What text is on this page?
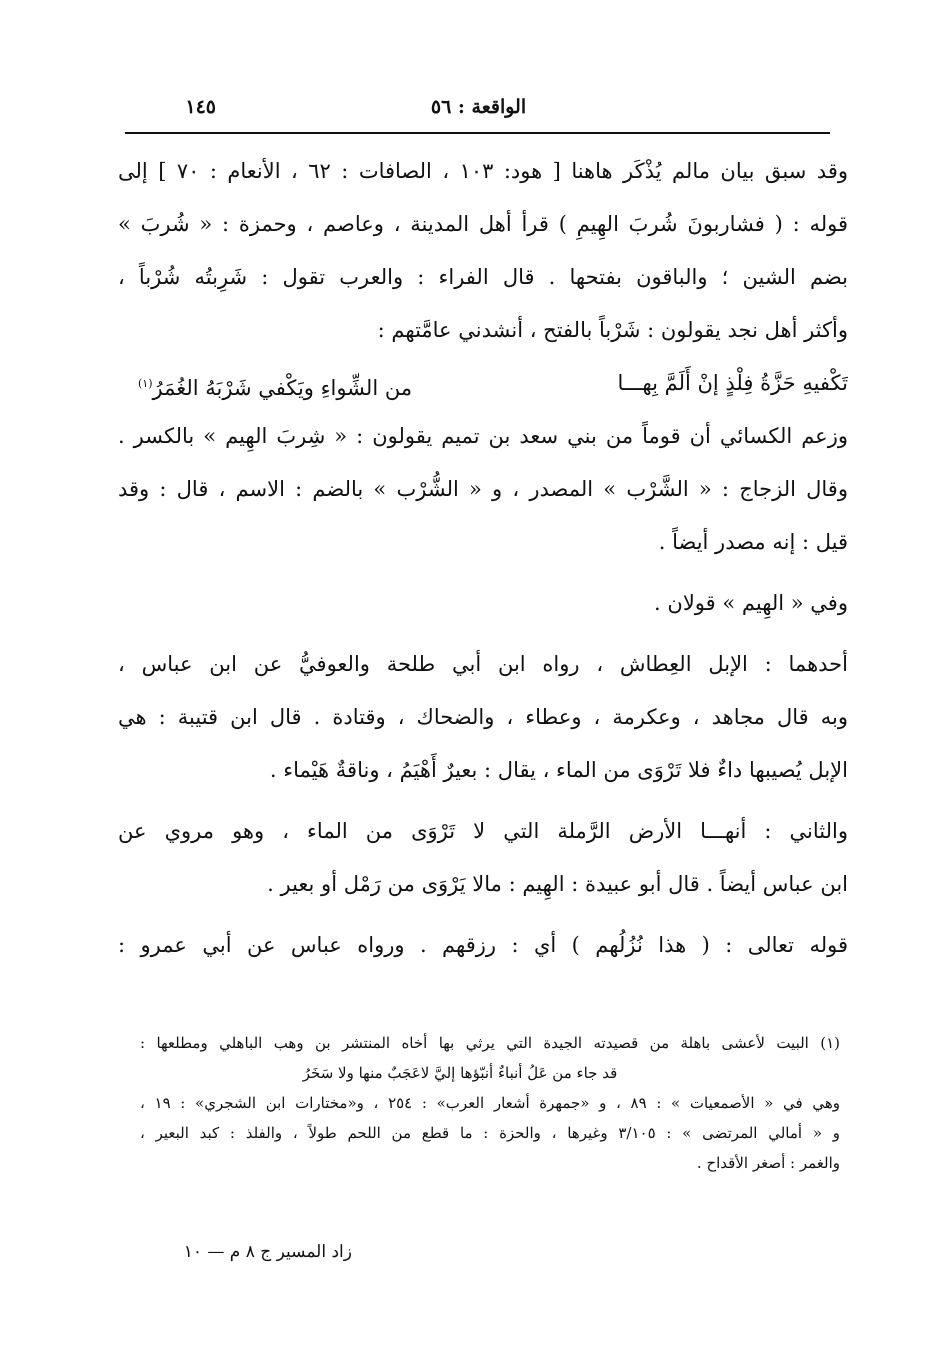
الواقعة : ٥٦
١٤٥
وقد سبق بيان مالم يُذْكَر هاهنا [ هود: ١٠٣ ، الصافات : ٦٢ ، الأنعام : ٧٠ ] إلى
قوله : ( فشاربونَ شُربَ الهِيمِ ) قرأ أهل المدينة ، وعاصم ، وحمزة : « شُربَ »
بضم الشين ؛ والباقون بفتحها . قال الفراء : والعرب تقول : شَرِبتُه شُرْباً ،
وأكثر أهل نجد يقولون : شَرْباً بالفتح ، أنشدني عامَّتهم :
تَكْفيهِ حَزَّةُ فِلْذٍ إنْ أَلَمَّ بِهـــا
من الشِّواءِ ويَكْفي شَرْبَهُ الغُمَرُ$^{(١)}$
وزعم الكسائي أن قوماً من بني سعد بن تميم يقولون : « شِربَ الهِيم » بالكسر .
وقال الزجاج : « الشَّرْب » المصدر ، و « الشُّرْب » بالضم : الاسم ، قال : وقد
قيل : إنه مصدر أيضاً .
وفي « الهِيم » قولان .
أحدهما : الإبل العِطاش ، رواه ابن أبي طلحة والعوفيُّ عن ابن عباس ،
وبه قال مجاهد ، وعكرمة ، وعطاء ، والضحاك ، وقتادة . قال ابن قتيبة : هي
الإبل يُصيبها داءٌ فلا تَرْوَى من الماء ، يقال : بعيرٌ أَهْيَمُ ، وناقةٌ هَيْماء .
والثاني : أنهـــا الأرض الرَّملة التي لا تَرْوَى من الماء ، وهو مروي عن
ابن عباس أيضاً . قال أبو عبيدة : الهِيم : مالا يَرْوَى من رَمْل أو بعير .
قوله تعالى : ( هذا نُزُلُهم ) أي : رزقهم . ورواه عباس عن أبي عمرو :
(١) البيت لأعشى باهلة من قصيدته الجيدة التي يرثي بها أخاه المنتشر بن وهب الباهلي ومطلعها :
قد جاء من عَلُ أنباءٌ أنبّؤها إليَّ لاعَجَبٌ منها ولا سَخَرُ
وهي في « الأصمعيات » : ٨٩ ، و «جمهرة أشعار العرب» : ٢٥٤ ، و«مختارات ابن الشجري» : ١٩ ،
و « أمالي المرتضى » : ٣/١٠٥ وغيرها ، والحزة : ما قطع من اللحم طولاً ، والفلذ : كبد البعير ،
والغمر : أصغر الأقداح .
زاد المسير ج ٨ م — ١٠
